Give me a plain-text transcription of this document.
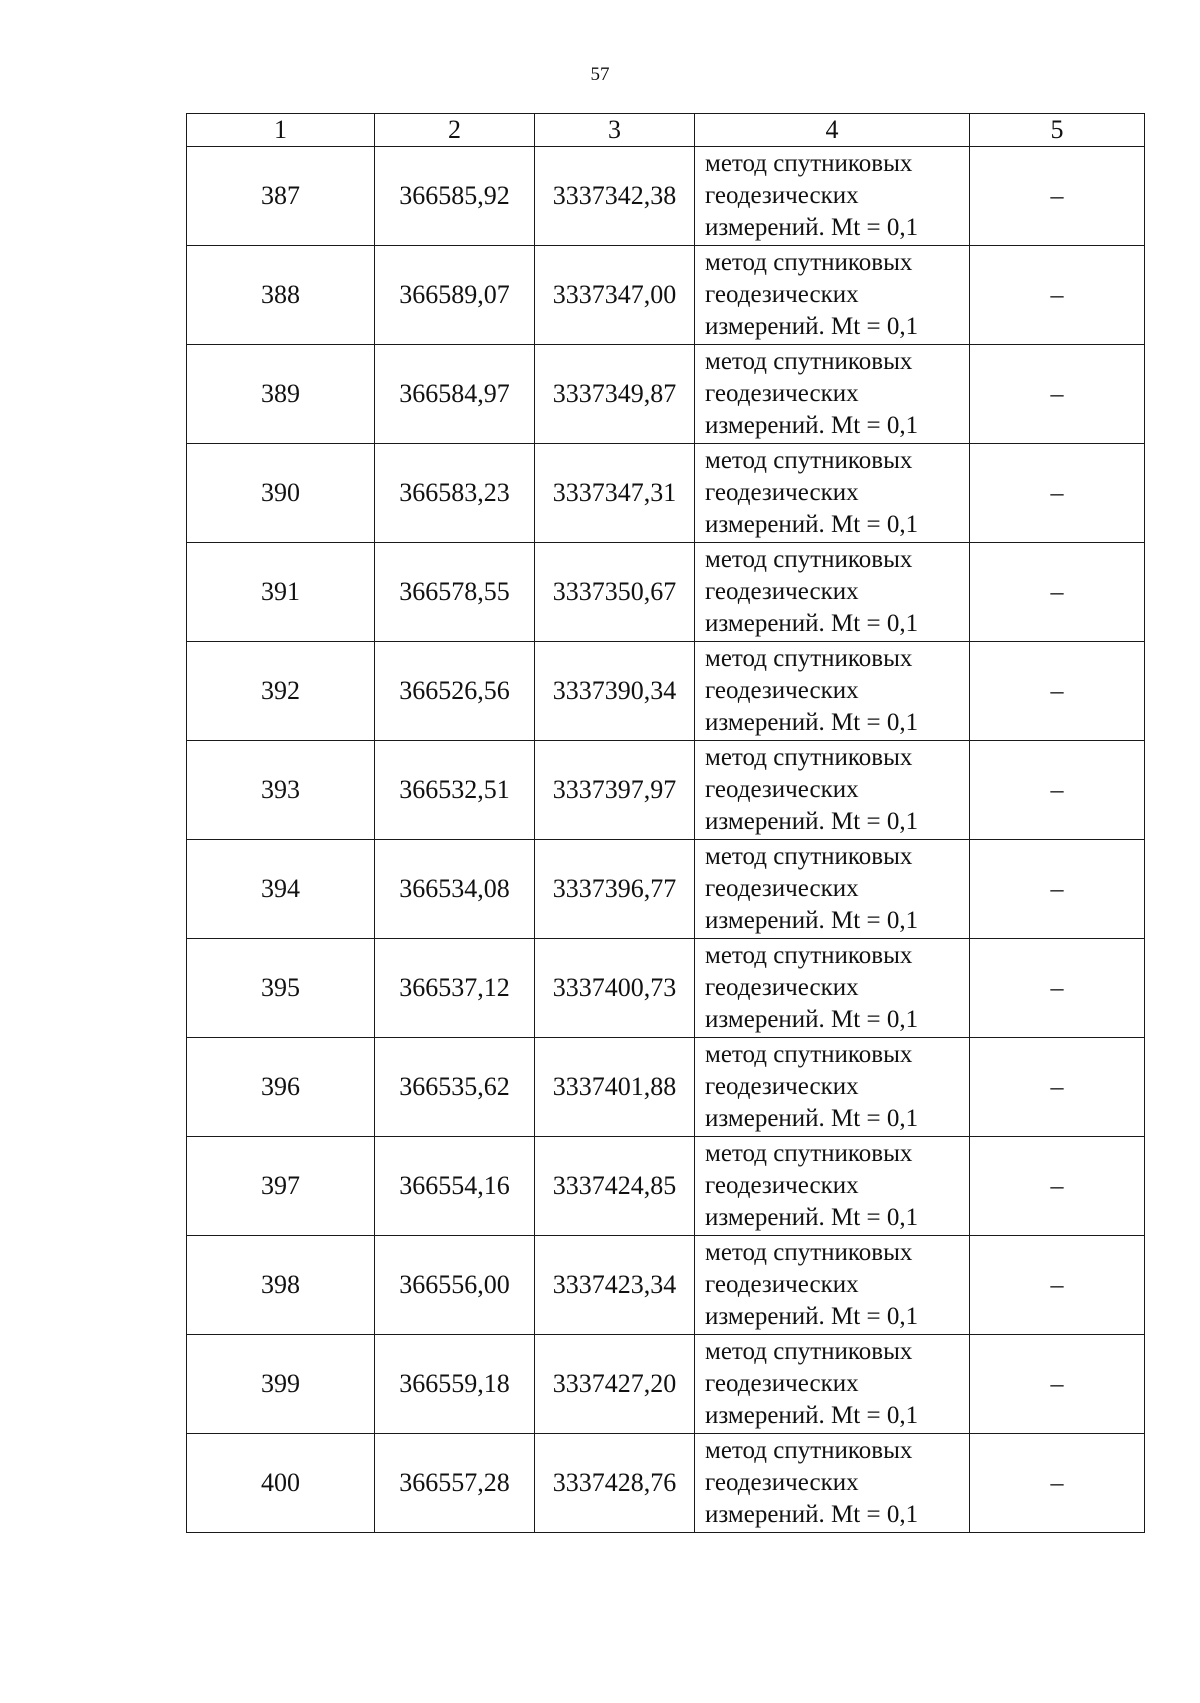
57
1	2	3	4	5
387	366585,92	3337342,38	метод спутниковых
геодезических
измерений. Mt = 0,1	–
388	366589,07	3337347,00	метод спутниковых
геодезических
измерений. Mt = 0,1	–
389	366584,97	3337349,87	метод спутниковых
геодезических
измерений. Mt = 0,1	–
390	366583,23	3337347,31	метод спутниковых
геодезических
измерений. Mt = 0,1	–
391	366578,55	3337350,67	метод спутниковых
геодезических
измерений. Mt = 0,1	–
392	366526,56	3337390,34	метод спутниковых
геодезических
измерений. Mt = 0,1	–
393	366532,51	3337397,97	метод спутниковых
геодезических
измерений. Mt = 0,1	–
394	366534,08	3337396,77	метод спутниковых
геодезических
измерений. Mt = 0,1	–
395	366537,12	3337400,73	метод спутниковых
геодезических
измерений. Mt = 0,1	–
396	366535,62	3337401,88	метод спутниковых
геодезических
измерений. Mt = 0,1	–
397	366554,16	3337424,85	метод спутниковых
геодезических
измерений. Mt = 0,1	–
398	366556,00	3337423,34	метод спутниковых
геодезических
измерений. Mt = 0,1	–
399	366559,18	3337427,20	метод спутниковых
геодезических
измерений. Mt = 0,1	–
400	366557,28	3337428,76	метод спутниковых
геодезических
измерений. Mt = 0,1	–
